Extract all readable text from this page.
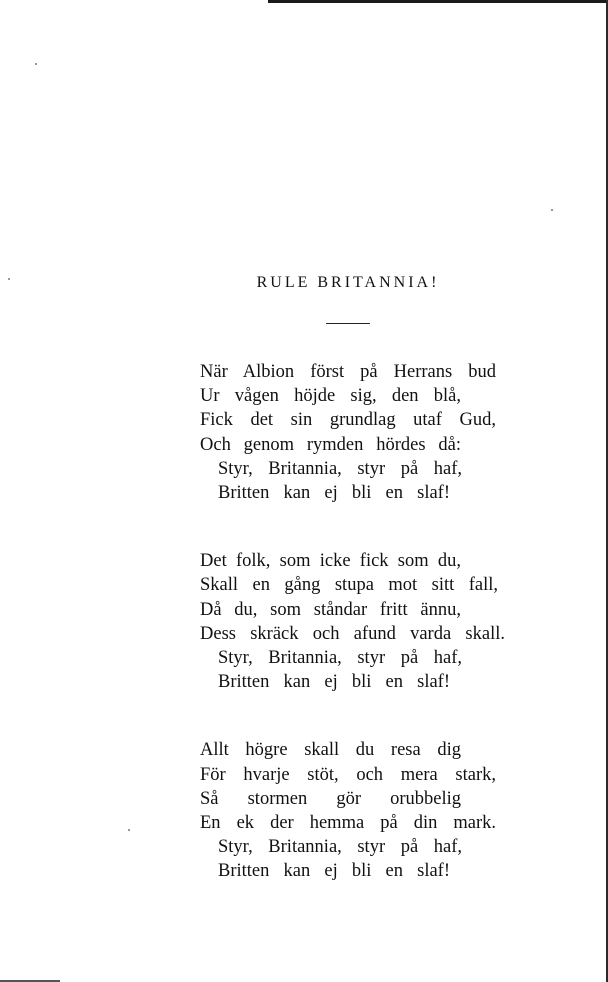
RULE BRITANNIA!
När Albion först på Herrans bud
Ur vågen höjde sig, den blå,
Fick det sin grundlag utaf Gud,
Och genom rymden hördes då:
Styr, Britannia, styr på haf,
Britten kan ej bli en slaf!
Det folk, som icke fick som du,
Skall en gång stupa mot sitt fall,
Då du, som ståndar fritt ännu,
Dess skräck och afund varda skall.
Styr, Britannia, styr på haf,
Britten kan ej bli en slaf!
Allt högre skall du resa dig
För hvarje stöt, och mera stark,
Så stormen gör orubbelig
En ek der hemma på din mark.
Styr, Britannia, styr på haf,
Britten kan ej bli en slaf!
